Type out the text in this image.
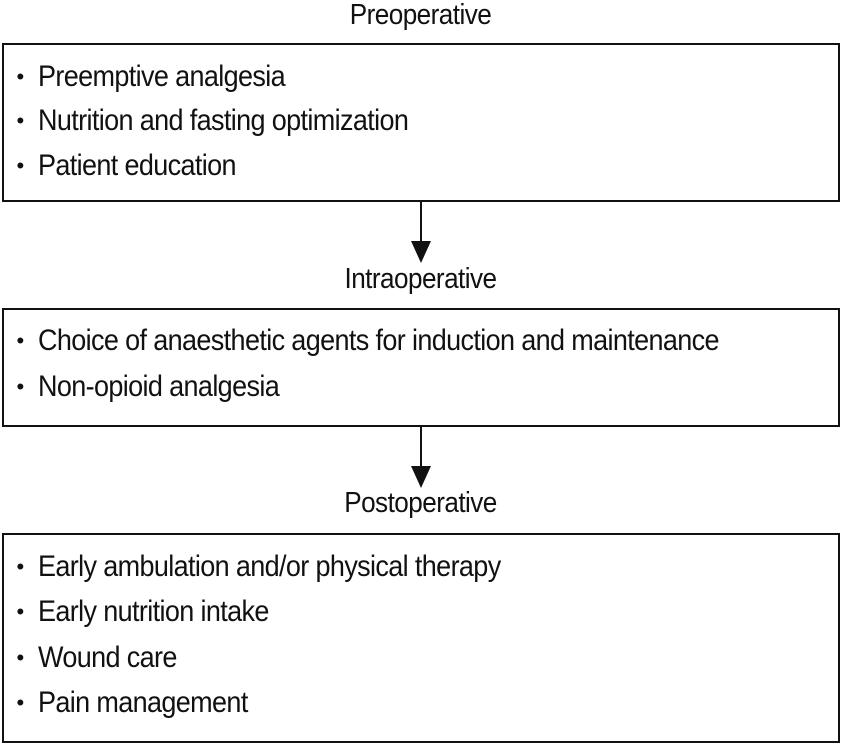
Preoperative
• Preemptive analgesia
• Nutrition and fasting optimization
• Patient education
Intraoperative
• Choice of anaesthetic agents for induction and maintenance
• Non-opioid analgesia
Postoperative
• Early ambulation and/or physical therapy
• Early nutrition intake
• Wound care
• Pain management
